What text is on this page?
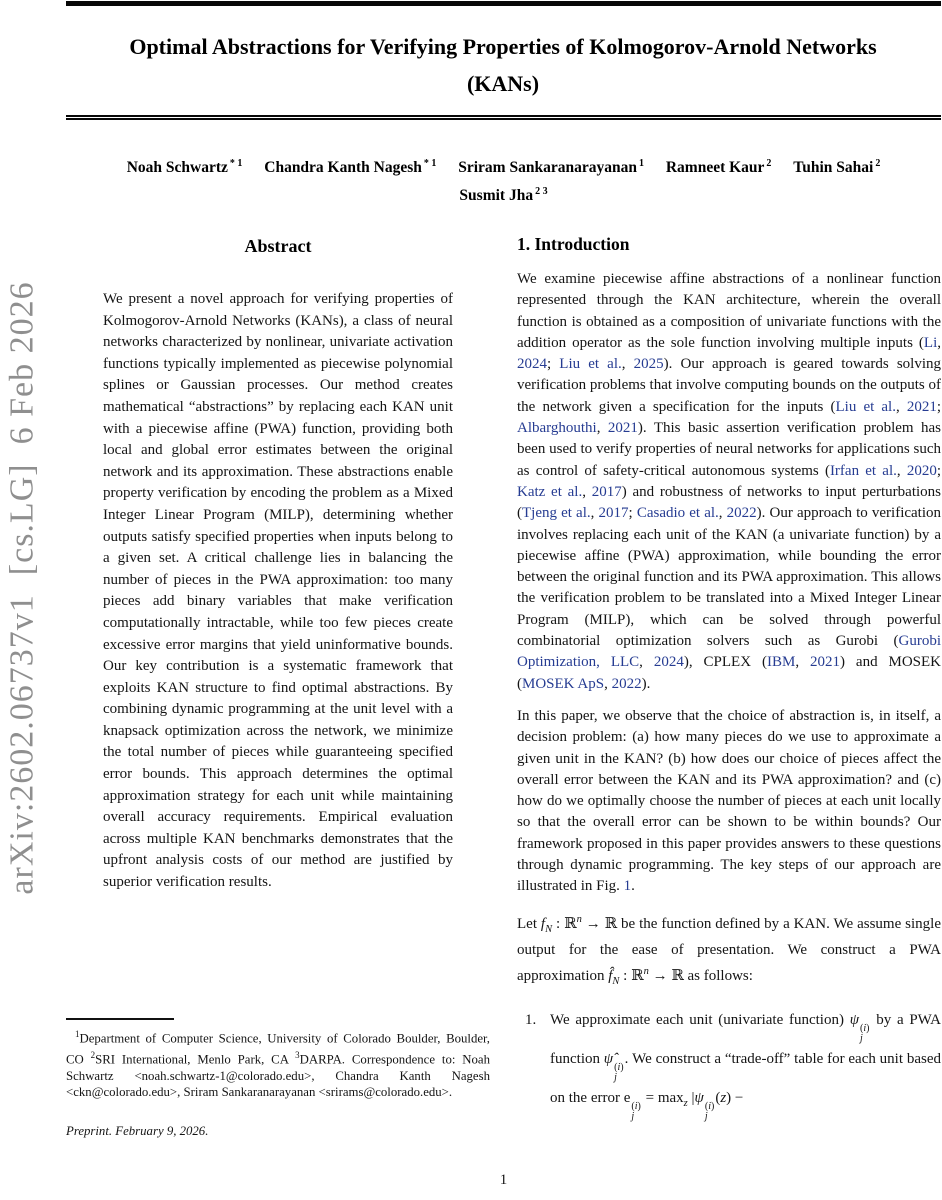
arXiv:2602.06737v1  [cs.LG]  6 Feb 2026
Optimal Abstractions for Verifying Properties of Kolmogorov-Arnold Networks (KANs)
Noah Schwartz $^{* 1}$ Chandra Kanth Nagesh $^{* 1}$ Sriram Sankaranarayanan $^1$ Ramneet Kaur $^2$ Tuhin Sahai $^2$
Susmit Jha $^{2 3}$
Abstract

We present a novel approach for verifying properties of Kolmogorov-Arnold Networks (KANs), a class of neural networks characterized by nonlinear, univariate activation functions typically implemented as piecewise polynomial splines or Gaussian processes. Our method creates mathematical “abstractions” by replacing each KAN unit with a piecewise affine (PWA) function, providing both local and global error estimates between the original network and its approximation. These abstractions enable property verification by encoding the problem as a Mixed Integer Linear Program (MILP), determining whether outputs satisfy specified properties when inputs belong to a given set. A critical challenge lies in balancing the number of pieces in the PWA approximation: too many pieces add binary variables that make verification computationally intractable, while too few pieces create excessive error margins that yield uninformative bounds. Our key contribution is a systematic framework that exploits KAN structure to find optimal abstractions. By combining dynamic programming at the unit level with a knapsack optimization across the network, we minimize the total number of pieces while guaranteeing specified error bounds. This approach determines the optimal approximation strategy for each unit while maintaining overall accuracy requirements. Empirical evaluation across multiple KAN benchmarks demonstrates that the upfront analysis costs of our method are justified by superior verification results.

1. Introduction

We examine piecewise affine abstractions of a nonlinear function represented through the KAN architecture, wherein the overall function is obtained as a composition of univariate functions with the addition operator as the sole function involving multiple inputs (Li, 2024; Liu et al., 2025). Our approach is geared towards solving verification problems that involve computing bounds on the outputs of the network given a specification for the inputs (Liu et al., 2021; Albarghouthi, 2021). This basic assertion verification problem has been used to verify properties of neural networks for applications such as control of safety-critical autonomous systems (Irfan et al., 2020; Katz et al., 2017) and robustness of networks to input perturbations (Tjeng et al., 2017; Casadio et al., 2022). Our approach to verification involves replacing each unit of the KAN (a univariate function) by a piecewise affine (PWA) approximation, while bounding the error between the original function and its PWA approximation. This allows the verification problem to be translated into a Mixed Integer Linear Program (MILP), which can be solved through powerful combinatorial optimization solvers such as Gurobi (Gurobi Optimization, LLC, 2024), CPLEX (IBM, 2021) and MOSEK (MOSEK ApS, 2022).

In this paper, we observe that the choice of abstraction is, in itself, a decision problem: (a) how many pieces do we use to approximate a given unit in the KAN? (b) how does our choice of pieces affect the overall error between the KAN and its PWA approximation? and (c) how do we optimally choose the number of pieces at each unit locally so that the overall error can be shown to be within bounds? Our framework proposed in this paper provides answers to these questions through dynamic programming. The key steps of our approach are illustrated in Fig. 1.

Let $f_N$ : ℝ$^n$ → ℝ be the function defined by a KAN. We assume single output for the ease of presentation. We construct a PWA approximation $f̂_N$ : ℝ$^n$ → ℝ as follows:

1. We approximate each unit (univariate function) ψ
(i)
j
by a PWA function ψ̂
(i)
j
. We construct a “trade-off” table for each unit based on the error e
(i)
j
= $\max_z |\psi$
(i)
j
(z) −

$^1$Department of Computer Science, University of Colorado Boulder, Boulder, CO $^2$SRI International, Menlo Park, CA $^3$DARPA. Correspondence to: Noah Schwartz <noah.schwartz-1@colorado.edu>, Chandra Kanth Nagesh <ckn@colorado.edu>, Sriram Sankaranarayanan <srirams@colorado.edu>.

Preprint. February 9, 2026.

1
